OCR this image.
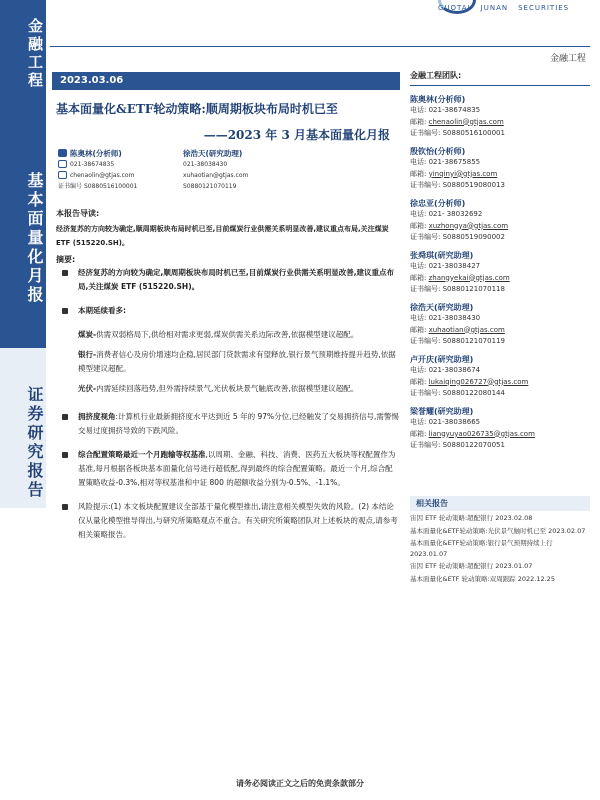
金融工程
基本面量化月报
证券研究报告
GUOTAI JUNAN SECURITIES
金融工程
2023.03.06
基本面量化&ETF轮动策略:顺周期板块布局时机已至
——2023 年 3 月基本面量化月报
陈奥林(分析师)
021-38674835
chenaolin@gtjas.com
证书编号 S0880516100001
徐浩天(研究助理)
021-38038430
xuhaotian@gtjas.com
S0880121070119
本报告导读:
经济复苏的方向较为确定,顺周期板块布局时机已至,目前煤炭行业供需关系明显改善,建议重点布局,关注煤炭 ETF (515220.SH)。
摘要:
经济复苏的方向较为确定,顺周期板块布局时机已至,目前煤炭行业供需关系明显改善,建议重点布局,关注煤炭 ETF (515220.SH)。
本期延续看多:
煤炭-供需双弱格局下,供给相对需求更弱,煤炭供需关系边际改善,依据模型建议超配。
银行-消费者信心及房价增速均企稳,居民部门贷款需求有望释放,银行景气预期维持提升趋势,依据模型建议超配。
光伏-内需延续回落趋势,但外需持续景气,光伏板块景气触底改善,依据模型建议超配。
拥挤度视角:计算机行业最新拥挤度水平达到近 5 年的 97%分位,已经触发了交易拥挤信号,需警惕交易过度拥挤导致的下跌风险。
综合配置策略最近一个月跑输等权基准,以周期、金融、科技、消费、医药五大板块等权配置作为基准,每月根据各板块基本面量化信号进行超低配,得到最终的综合配置策略。最近一个月,综合配置策略收益-0.3%,相对等权基准和中证 800 的超额收益分别为-0.5%、-1.1%。
风险提示:(1) 本文板块配置建议全部基于量化模型推出,请注意相关模型失效的风险。(2) 本结论仅从量化模型推导得出,与研究所策略观点不重合。有关研究所策略团队对上述板块的观点,请参考相关策略报告。
金融工程团队:
陈奥林(分析师)
电话: 021-38674835
邮箱: chenaolin@gtjas.com
证书编号: S0880516100001
殷钦怡(分析师)
电话: 021-38675855
邮箱: yinqinyi@gtjas.com
证书编号: S0880519080013
徐忠亚(分析师)
电话: 021- 38032692
邮箱: xuzhongya@gtjas.com
证书编号: S0880519090002
张舜琪(研究助理)
电话: 021-38038427
邮箱: zhangyekai@gtjas.com
证书编号: S0880121070118
徐浩天(研究助理)
电话: 021-38038430
邮箱: xuhaotian@gtjas.com
证书编号: S0880121070119
卢开庆(研究助理)
电话: 021-38038674
邮箱: lukaiqing026727@gtjas.com
证书编号: S0880122080144
梁誉耀(研究助理)
电话: 021-38038665
邮箱: liangyuyao026735@gtjas.com
证书编号: S0880122070051
相关报告
宙因 ETF 轮动策略:超配银行 2023.02.08
基本面量化&ETF轮动策略:光伏景气触时机已至 2023.02.07
基本面量化&ETF轮动策略:银行景气预期持续上行 2023.01.07
宙因 ETF 轮动策略:超配银行 2023.01.07
基本面量化&ETF 轮动策略:双周跟踪 2022.12.25
请务必阅读正文之后的免责条款部分
